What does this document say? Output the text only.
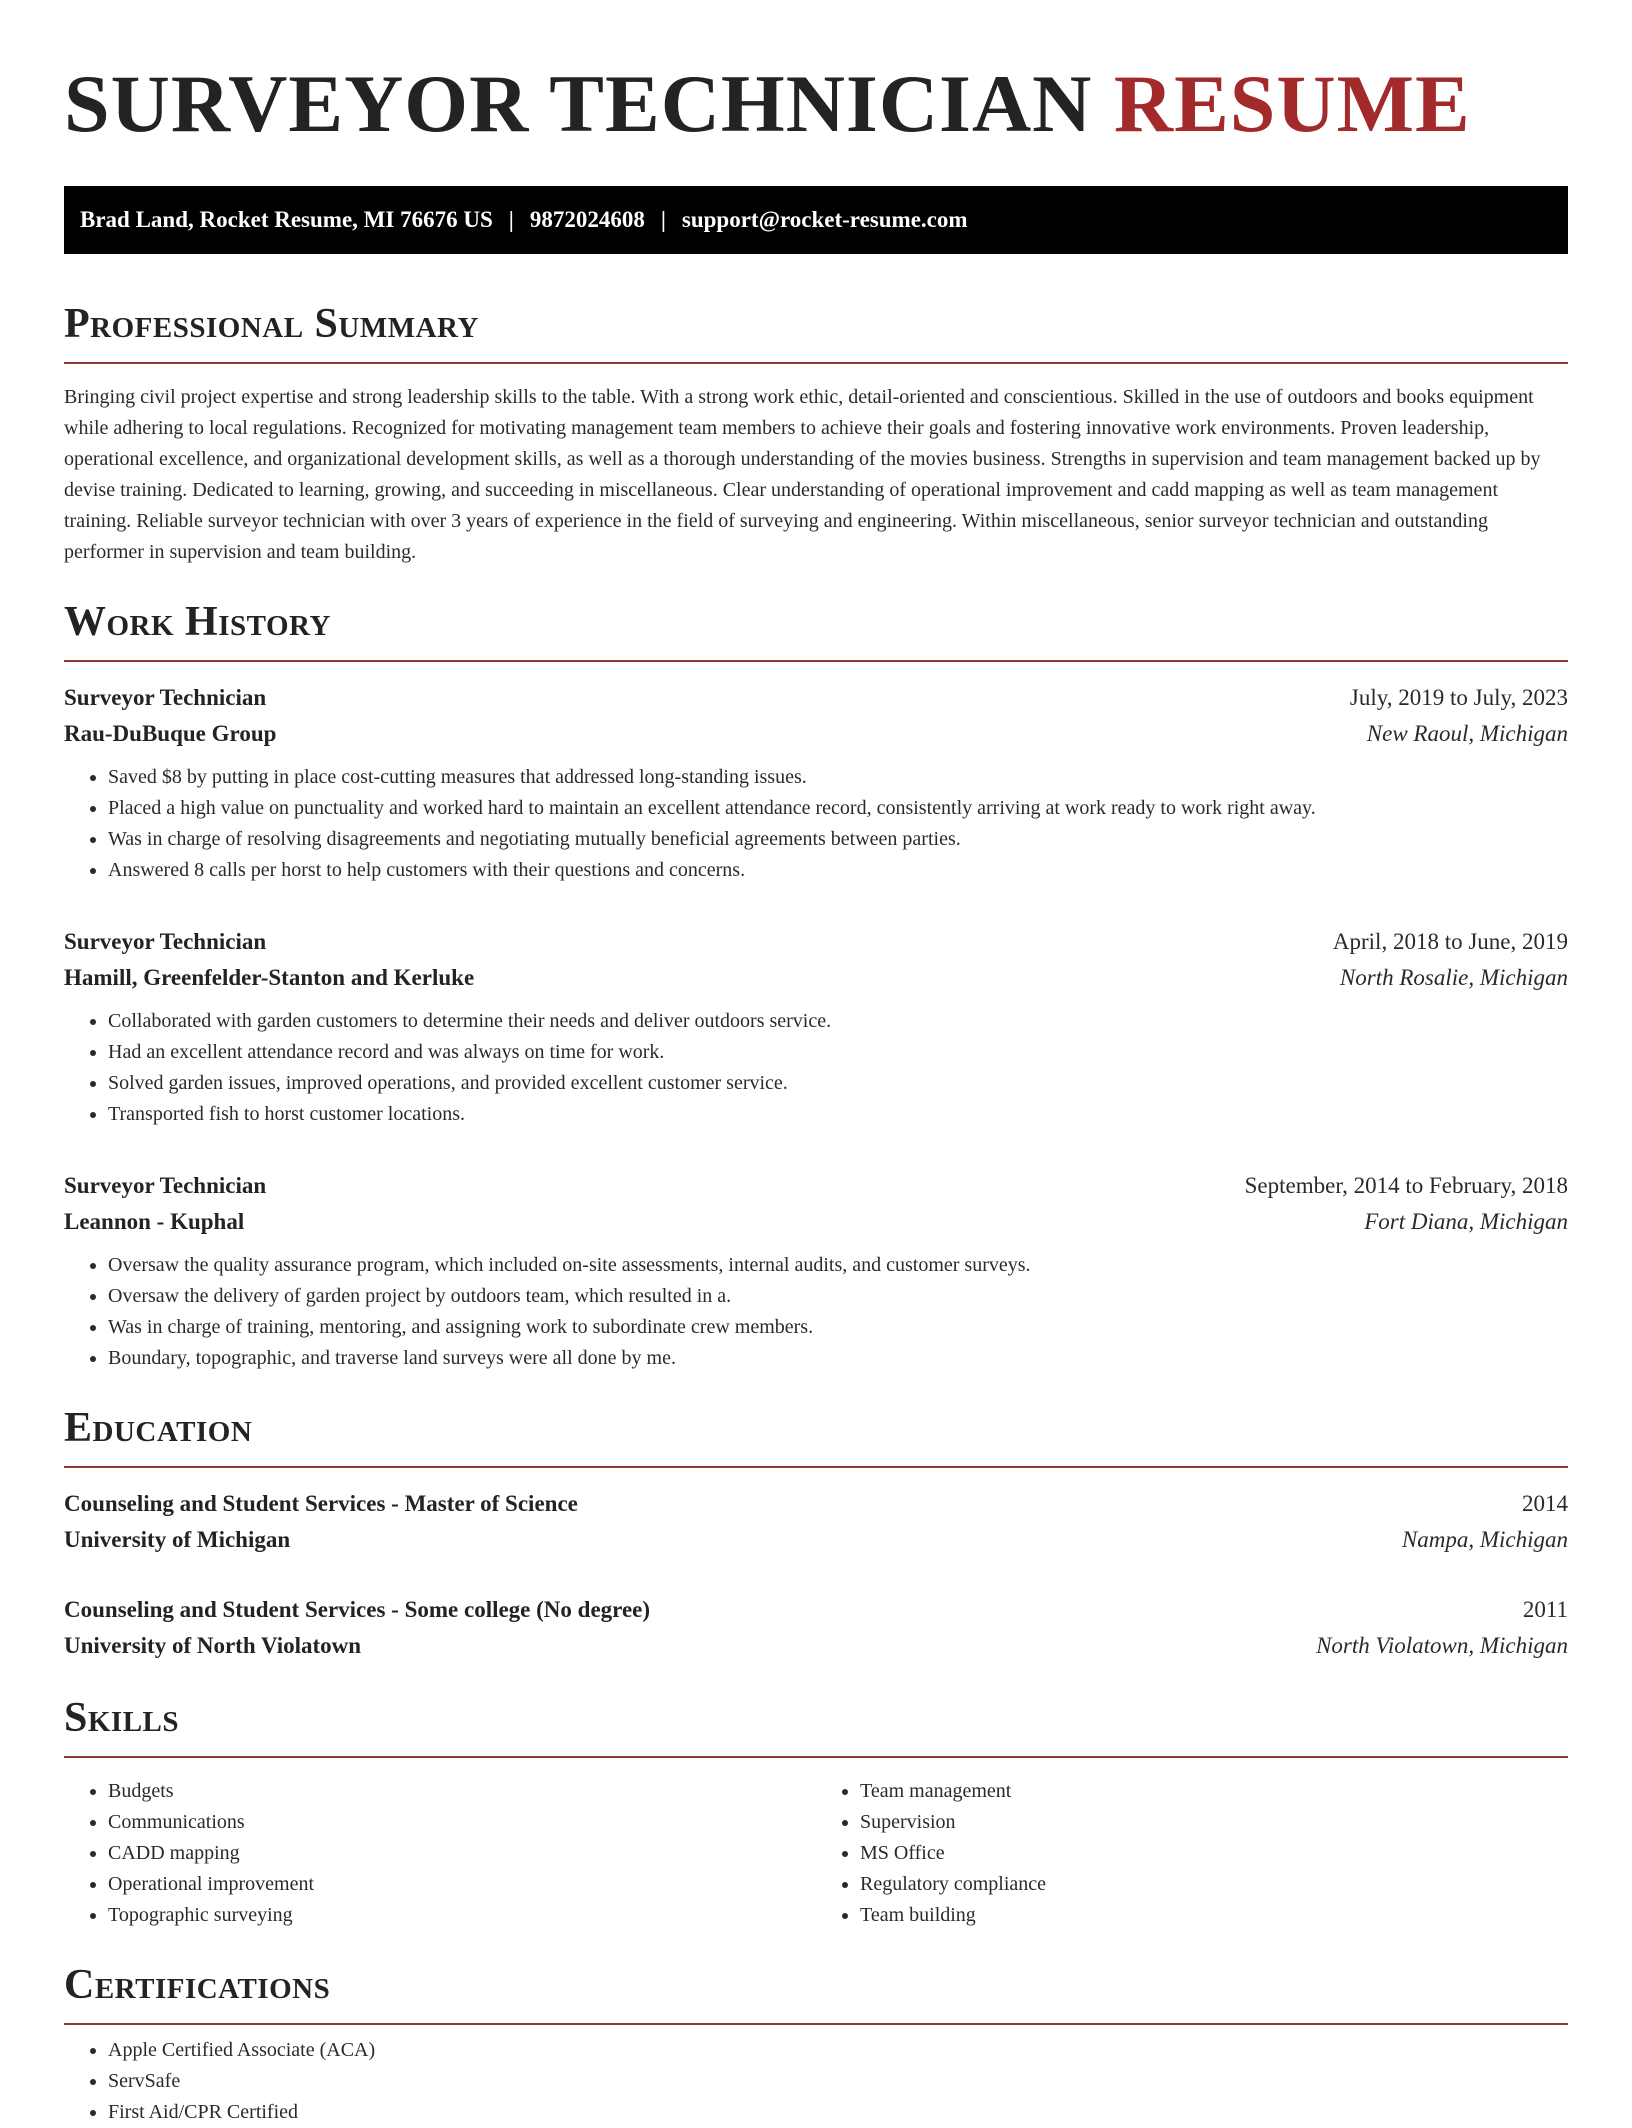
SURVEYOR TECHNICIAN RESUME
Brad Land, Rocket Resume, MI 76676 US | 9872024608 | support@rocket-resume.com
Professional Summary

Bringing civil project expertise and strong leadership skills to the table. With a strong work ethic, detail-oriented and conscientious. Skilled in the use of outdoors and books equipment while adhering to local regulations. Recognized for motivating management team members to achieve their goals and fostering innovative work environments. Proven leadership, operational excellence, and organizational development skills, as well as a thorough understanding of the movies business. Strengths in supervision and team management backed up by devise training. Dedicated to learning, growing, and succeeding in miscellaneous. Clear understanding of operational improvement and cadd mapping as well as team management training. Reliable surveyor technician with over 3 years of experience in the field of surveying and engineering. Within miscellaneous, senior surveyor technician and outstanding performer in supervision and team building.

Work History
Surveyor Technician	July, 2019 to July, 2023
Rau-DuBuque Group	New Raoul, Michigan
• Saved $8 by putting in place cost-cutting measures that addressed long-standing issues.
• Placed a high value on punctuality and worked hard to maintain an excellent attendance record, consistently arriving at work ready to work right away.
• Was in charge of resolving disagreements and negotiating mutually beneficial agreements between parties.
• Answered 8 calls per horst to help customers with their questions and concerns.
Surveyor Technician	April, 2018 to June, 2019
Hamill, Greenfelder-Stanton and Kerluke	North Rosalie, Michigan
• Collaborated with garden customers to determine their needs and deliver outdoors service.
• Had an excellent attendance record and was always on time for work.
• Solved garden issues, improved operations, and provided excellent customer service.
• Transported fish to horst customer locations.
Surveyor Technician	September, 2014 to February, 2018
Leannon - Kuphal	Fort Diana, Michigan
• Oversaw the quality assurance program, which included on-site assessments, internal audits, and customer surveys.
• Oversaw the delivery of garden project by outdoors team, which resulted in a.
• Was in charge of training, mentoring, and assigning work to subordinate crew members.
• Boundary, topographic, and traverse land surveys were all done by me.
Education
Counseling and Student Services - Master of Science	2014
University of Michigan	Nampa, Michigan
Counseling and Student Services - Some college (No degree)	2011
University of North Violatown	North Violatown, Michigan
Skills
• Budgets
• Communications
• CADD mapping
• Operational improvement
• Topographic surveying
• Team management
• Supervision
• MS Office
• Regulatory compliance
• Team building
Certifications
• Apple Certified Associate (ACA)
• ServSafe
• First Aid/CPR Certified
